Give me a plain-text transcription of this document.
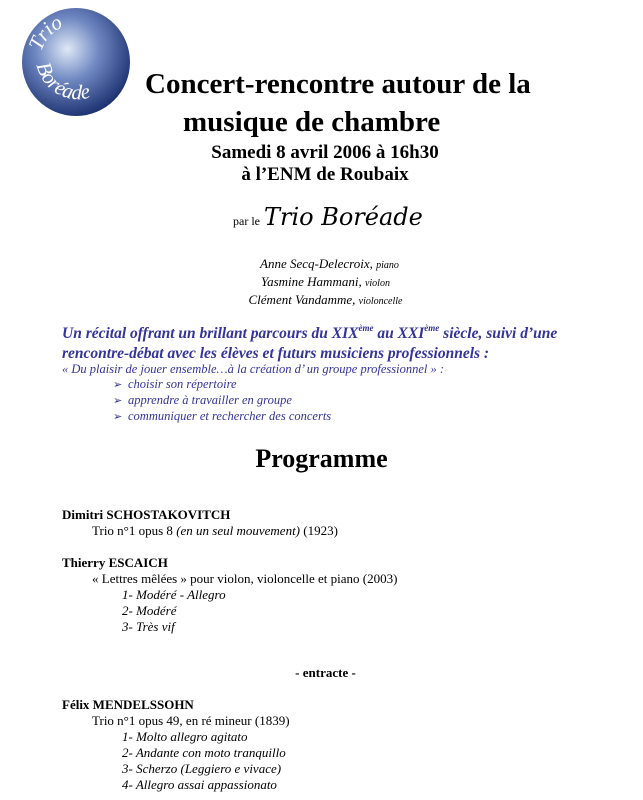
Trio
Boréade Concert-rencontre autour de la
musique de chambre
Samedi 8 avril 2006 à 16h30
à l’ENM de Roubaix
par le Trio Boréade
Anne Secq-Delecroix, piano
Yasmine Hammani, violon
Clément Vandamme, violoncelle
Un récital offrant un brillant parcours du XIXème au XXIème siècle, suivi d’une
rencontre-débat avec les élèves et futurs musiciens professionnels :
« Du plaisir de jouer ensemble…à la création d’ un groupe professionnel » :
➢ choisir son répertoire
➢ apprendre à travailler en groupe
➢ communiquer et rechercher des concerts
Programme
Dimitri SCHOSTAKOVITCH
Trio n°1 opus 8 (en un seul mouvement) (1923)
Thierry ESCAICH
« Lettres mêlées » pour violon, violoncelle et piano (2003)
1- Modéré - Allegro
2- Modéré
3- Très vif
- entracte -
Félix MENDELSSOHN
Trio n°1 opus 49, en ré mineur (1839)
1- Molto allegro agitato
2- Andante con moto tranquillo
3- Scherzo (Leggiero e vivace)
4- Allegro assai appassionato
